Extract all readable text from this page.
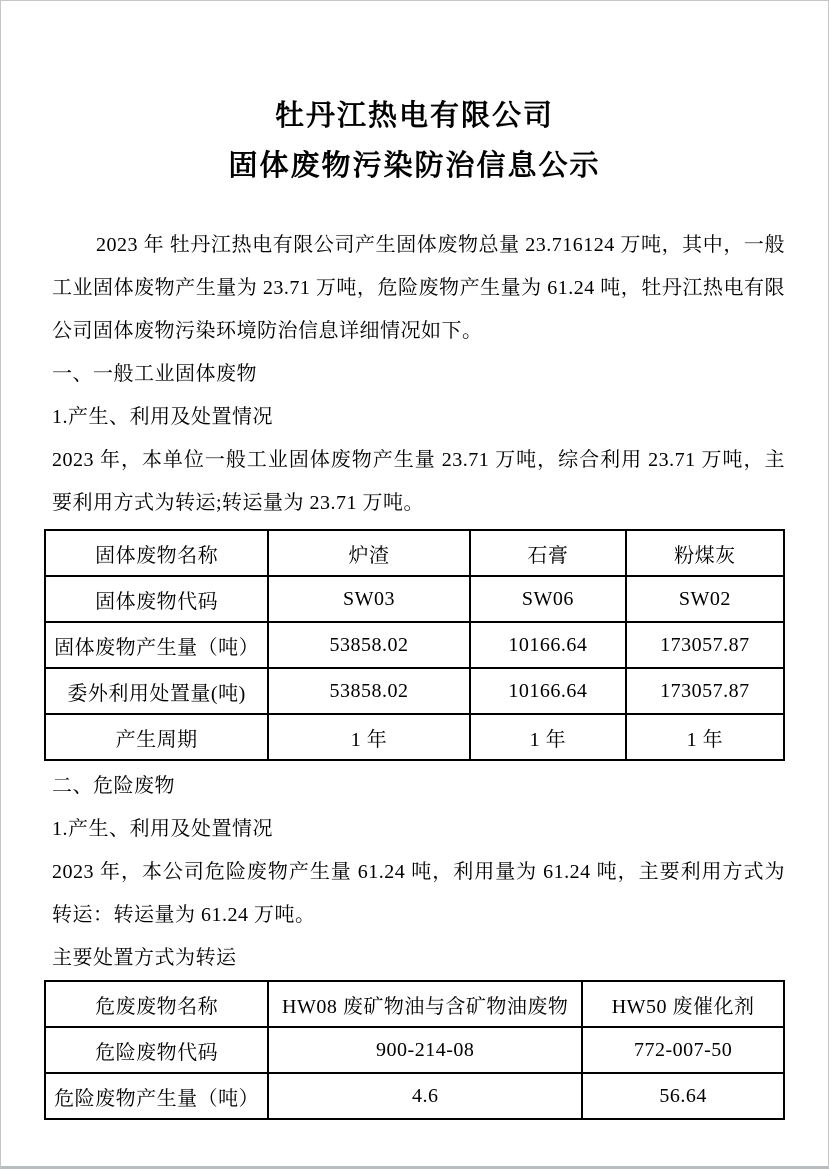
牡丹江热电有限公司
固体废物污染防治信息公示

2023 年 牡丹江热电有限公司产生固体废物总量 23.716124 万吨，其中，一般工业固体废物产生量为 23.71 万吨，危险废物产生量为 61.24 吨，牡丹江热电有限公司固体废物污染环境防治信息详细情况如下。

一、一般工业固体废物
1.产生、利用及处置情况

2023 年，本单位一般工业固体废物产生量 23.71 万吨，综合利用 23.71 万吨，主要利用方式为转运;转运量为 23.71 万吨。

固体废物名称	炉渣	石膏	粉煤灰
固体废物代码	SW03	SW06	SW02
固体废物产生量（吨）	53858.02	10166.64	173057.87
委外利用处置量(吨)	53858.02	10166.64	173057.87
产生周期	1 年	1 年	1 年
二、危险废物
1.产生、利用及处置情况

2023 年，本公司危险废物产生量 61.24 吨，利用量为 61.24 吨，主要利用方式为转运：转运量为 61.24 万吨。

主要处置方式为转运
危废废物名称	HW08 废矿物油与含矿物油废物	HW50 废催化剂
危险废物代码	900-214-08	772-007-50
危险废物产生量（吨）	4.6	56.64
